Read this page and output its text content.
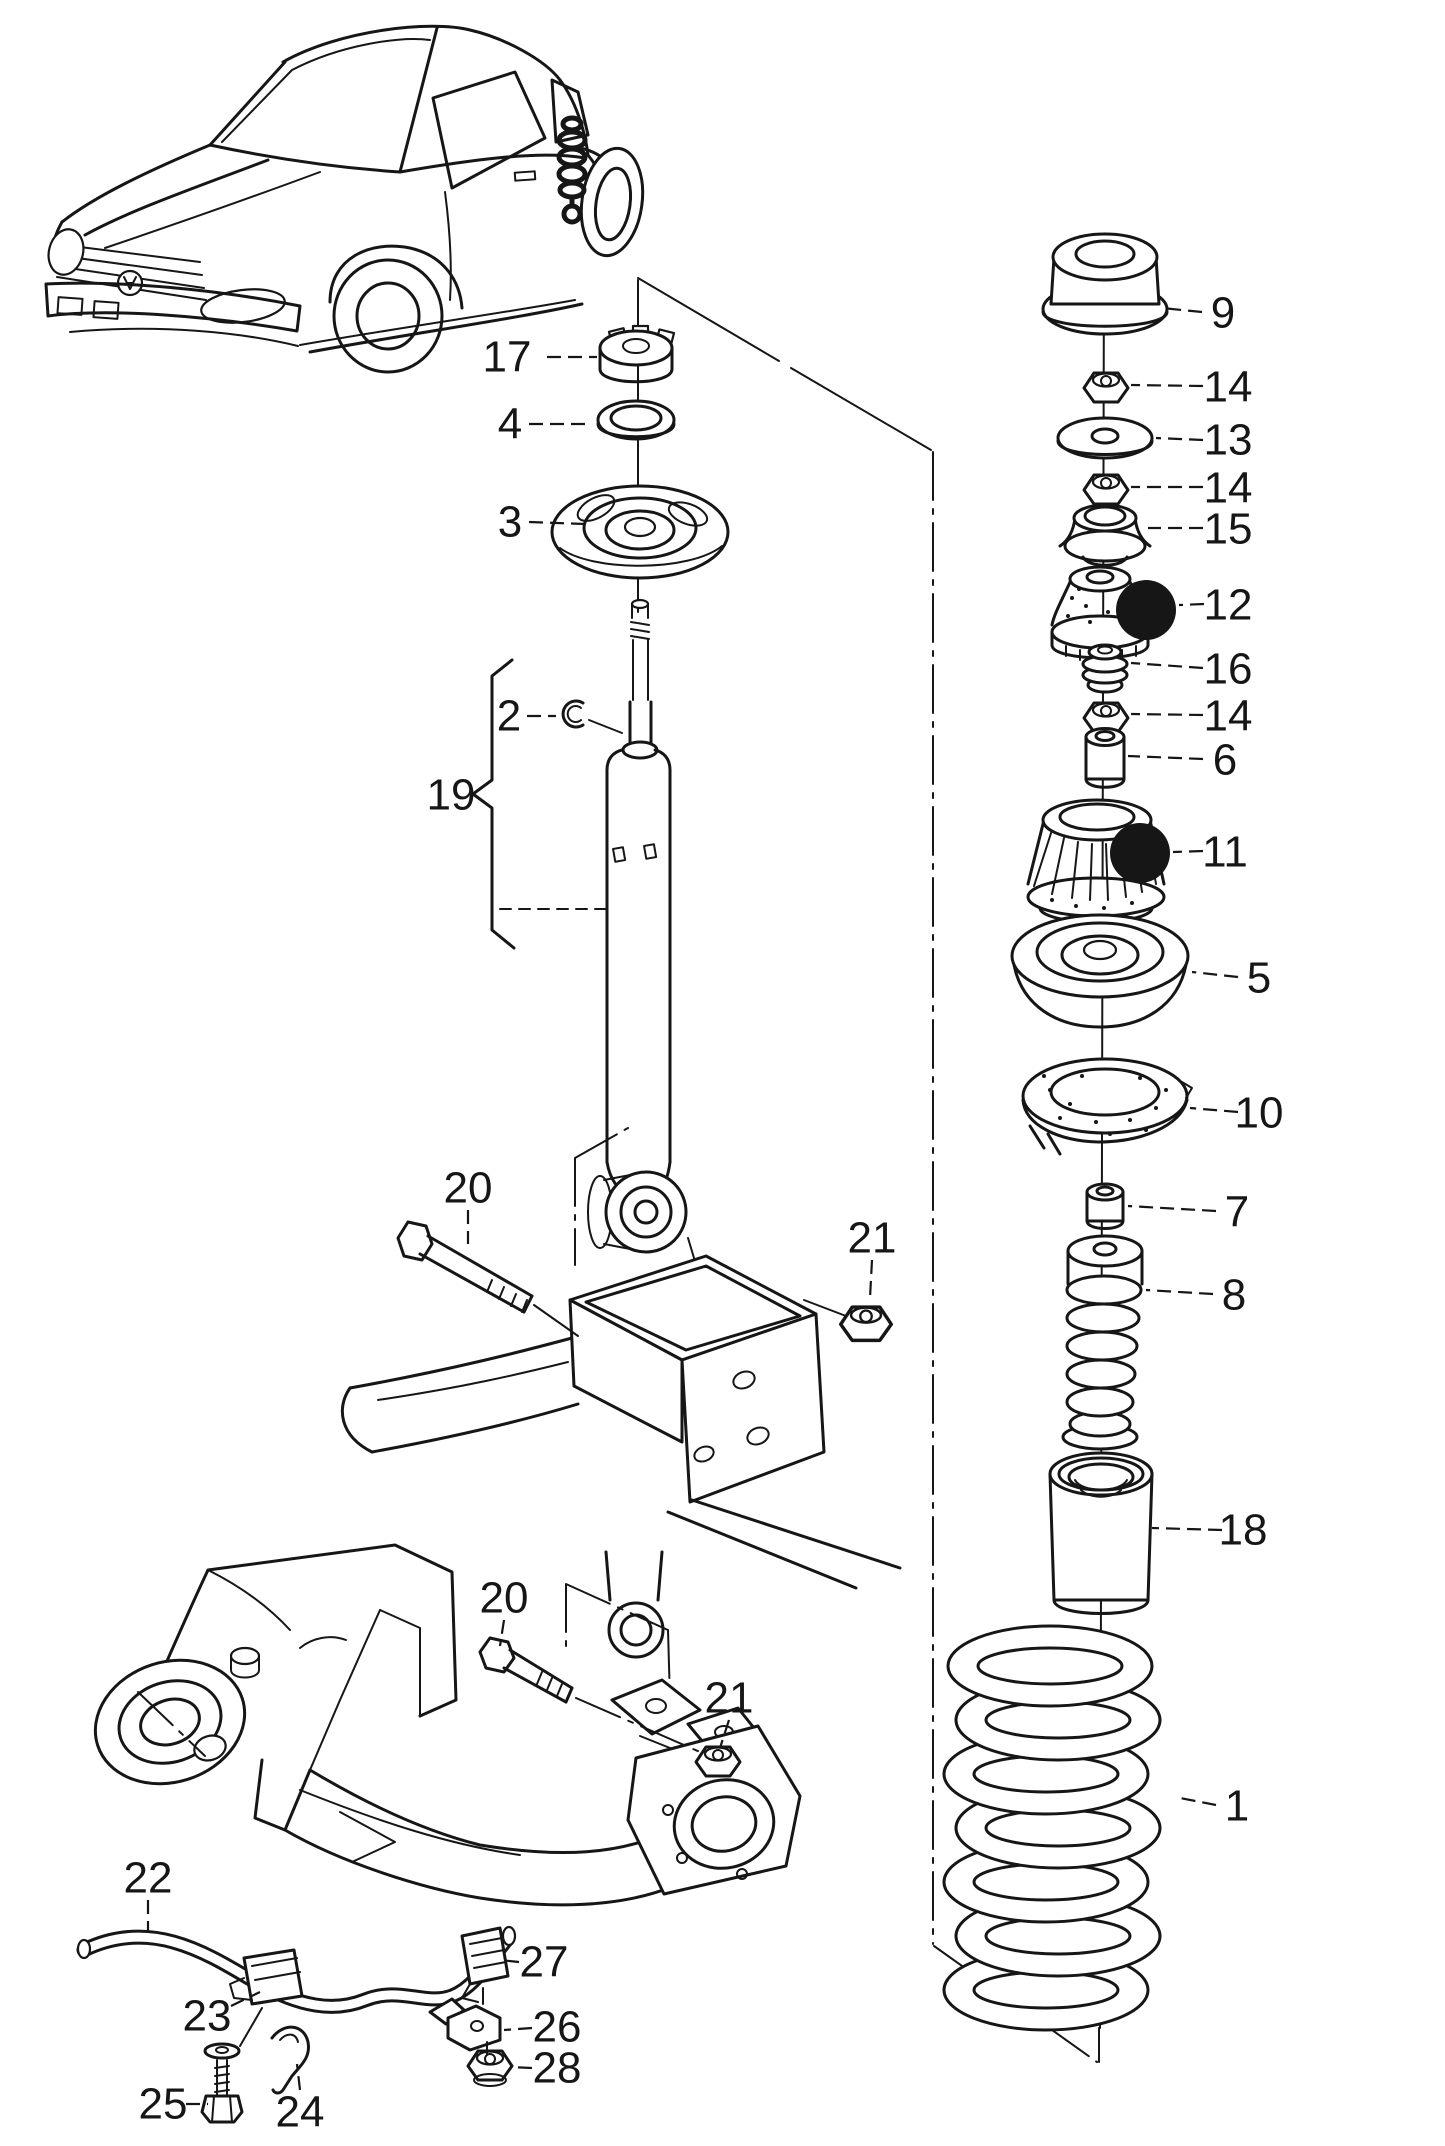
17
4
3
2
19
20
21
20
21
22
23
24
25
26
27
28
9
14
13
14
15
12
16
14
6
11
5
10
7
8
18
1
